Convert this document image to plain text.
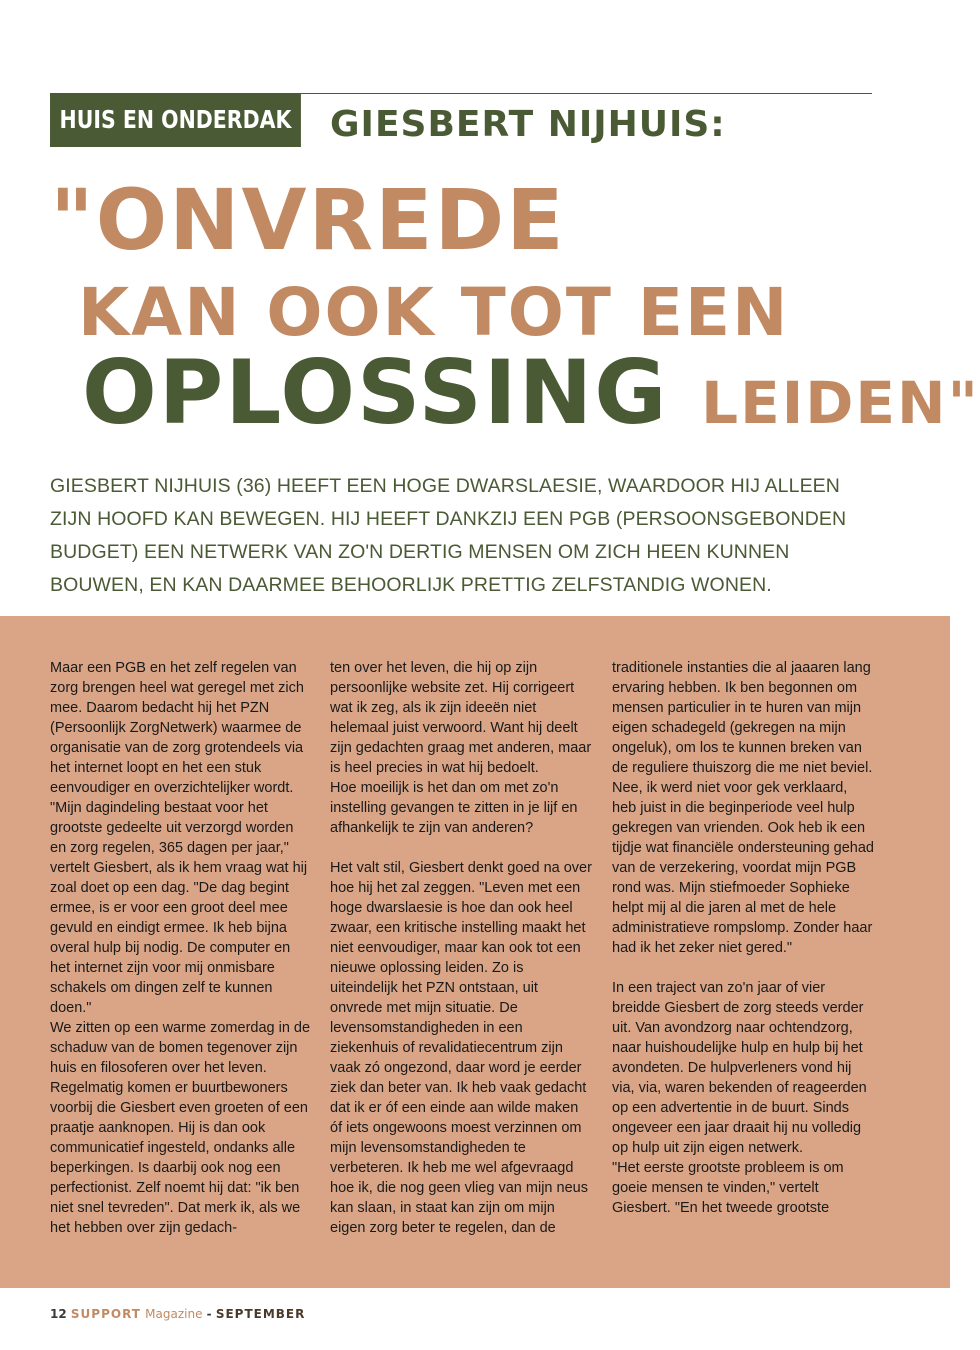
HUIS EN ONDERDAK GIESBERT NIJHUIS:
"ONVREDE
KAN OOK TOT EEN
OPLOSSING LEIDEN"
GIESBERT NIJHUIS (36) HEEFT EEN HOGE DWARSLAESIE, WAARDOOR HIJ ALLEEN ZIJN HOOFD KAN BEWEGEN. HIJ HEEFT DANKZIJ EEN PGB (PERSOONSGEBONDEN BUDGET) EEN NETWERK VAN ZO'N DERTIG MENSEN OM ZICH HEEN KUNNEN BOUWEN, EN KAN DAARMEE BEHOORLIJK PRETTIG ZELFSTANDIG WONEN.

Maar een PGB en het zelf regelen van zorg brengen heel wat geregel met zich mee. Daarom bedacht hij het PZN (Persoonlijk ZorgNetwerk) waarmee de organisatie van de zorg grotendeels via het internet loopt en het een stuk eenvoudiger en overzichtelijker wordt.

"Mijn dagindeling bestaat voor het grootste gedeelte uit verzorgd worden en zorg regelen, 365 dagen per jaar," vertelt Giesbert, als ik hem vraag wat hij zoal doet op een dag. "De dag begint ermee, is er voor een groot deel mee gevuld en eindigt ermee. Ik heb bijna overal hulp bij nodig. De computer en het internet zijn voor mij onmisbare schakels om dingen zelf te kunnen doen."

We zitten op een warme zomerdag in de schaduw van de bomen tegenover zijn huis en filosoferen over het leven. Regelmatig komen er buurtbewoners voorbij die Giesbert even groeten of een praatje aanknopen. Hij is dan ook communicatief ingesteld, ondanks alle beperkingen. Is daarbij ook nog een perfectionist. Zelf noemt hij dat: "ik ben niet snel tevreden". Dat merk ik, als we het hebben over zijn gedach-

ten over het leven, die hij op zijn persoonlijke website zet. Hij corrigeert wat ik zeg, als ik zijn ideeën niet helemaal juist verwoord. Want hij deelt zijn gedachten graag met anderen, maar is heel precies in wat hij bedoelt.

Hoe moeilijk is het dan om met zo'n instelling gevangen te zitten in je lijf en afhankelijk te zijn van anderen?

Het valt stil, Giesbert denkt goed na over hoe hij het zal zeggen. "Leven met een hoge dwarslaesie is hoe dan ook heel zwaar, een kritische instelling maakt het niet eenvoudiger, maar kan ook tot een nieuwe oplossing leiden. Zo is uiteindelijk het PZN ontstaan, uit onvrede met mijn situatie. De levensomstandigheden in een ziekenhuis of revalidatiecentrum zijn vaak zó ongezond, daar word je eerder ziek dan beter van. Ik heb vaak gedacht dat ik er óf een einde aan wilde maken óf iets ongewoons moest verzinnen om mijn levensomstandigheden te verbeteren. Ik heb me wel afgevraagd hoe ik, die nog geen vlieg van mijn neus kan slaan, in staat kan zijn om mijn eigen zorg beter te regelen, dan de

traditionele instanties die al jaaaren lang ervaring hebben. Ik ben begonnen om mensen particulier in te huren van mijn eigen schadegeld (gekregen na mijn ongeluk), om los te kunnen breken van de reguliere thuiszorg die me niet beviel. Nee, ik werd niet voor gek verklaard, heb juist in die beginperiode veel hulp gekregen van vrienden. Ook heb ik een tijdje wat financiële ondersteuning gehad van de verzekering, voordat mijn PGB rond was. Mijn stiefmoeder Sophieke helpt mij al die jaren al met de hele administratieve rompslomp. Zonder haar had ik het zeker niet gered."

In een traject van zo'n jaar of vier breidde Giesbert de zorg steeds verder uit. Van avondzorg naar ochtendzorg, naar huishoudelijke hulp en hulp bij het avondeten. De hulpverleners vond hij via, via, waren bekenden of reageerden op een advertentie in de buurt. Sinds ongeveer een jaar draait hij nu volledig op hulp uit zijn eigen netwerk.

"Het eerste grootste probleem is om goeie mensen te vinden," vertelt Giesbert. "En het tweede grootste

12 SUPPORT Magazine - SEPTEMBER
